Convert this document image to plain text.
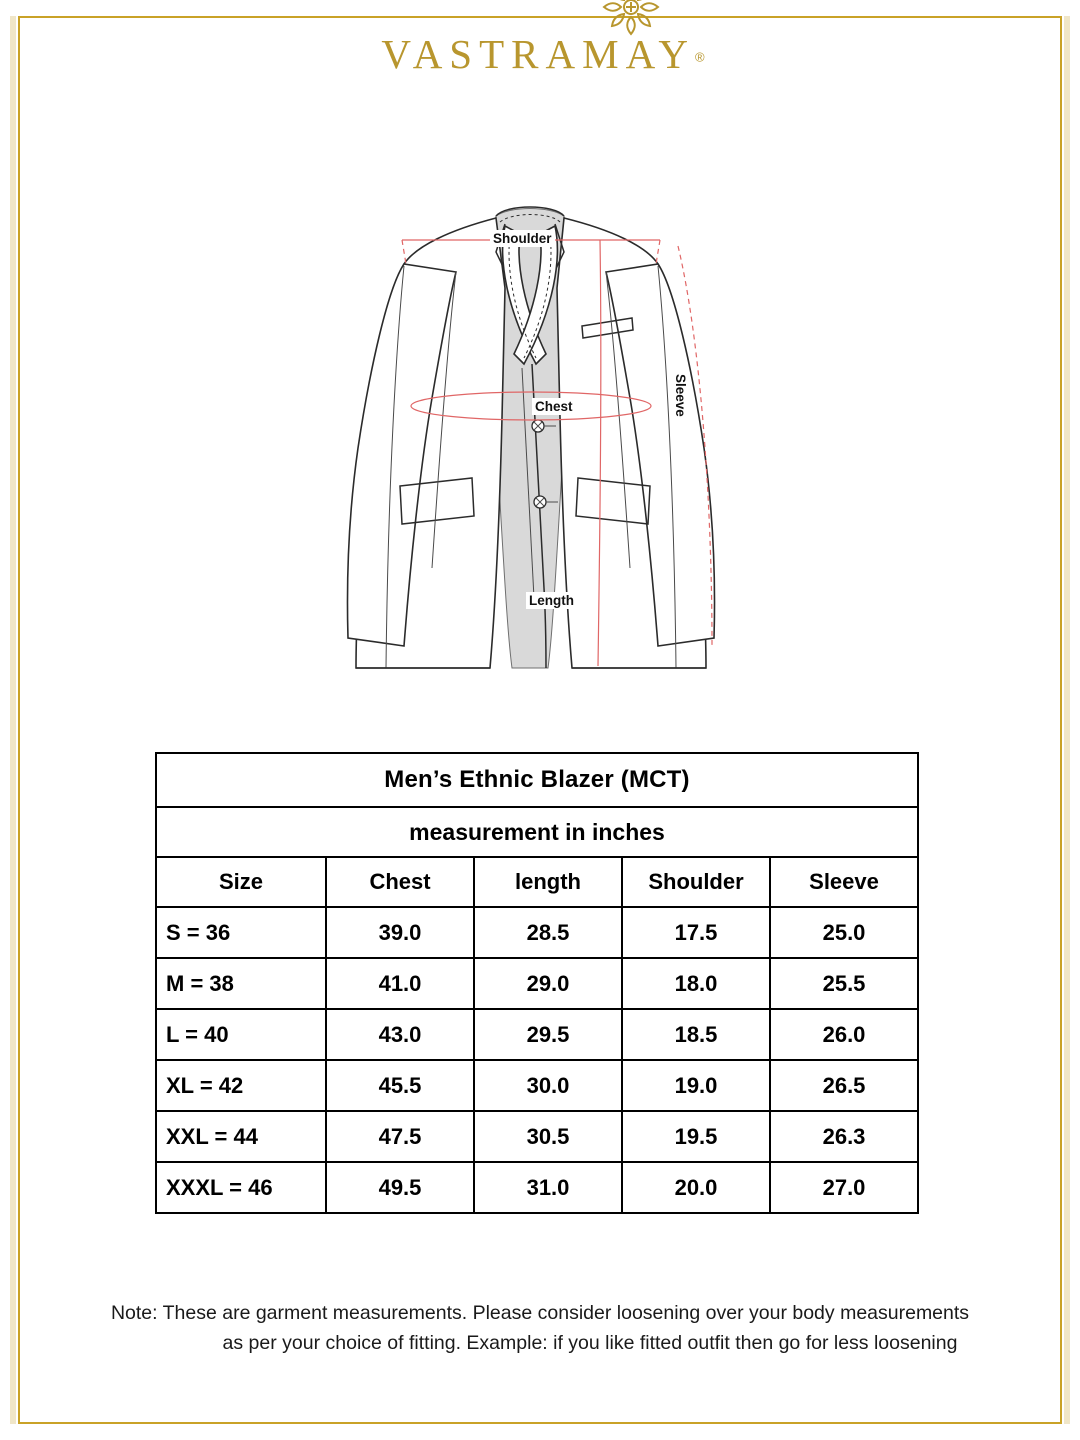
VASTRAMAY®
Shoulder
Chest
Length
Sleeve
Men’s Ethnic Blazer (MCT)				
measurement in inches				
Size	Chest	length	Shoulder	Sleeve
S = 36	39.0	28.5	17.5	25.0
M = 38	41.0	29.0	18.0	25.5
L = 40	43.0	29.5	18.5	26.0
XL = 42	45.5	30.0	19.0	26.5
XXL = 44	47.5	30.5	19.5	26.3
XXXL = 46	49.5	31.0	20.0	27.0
Note: These are garment measurements. Please consider loosening over your body measurements
as per your choice of fitting. Example: if you like fitted outfit then go for less loosening
